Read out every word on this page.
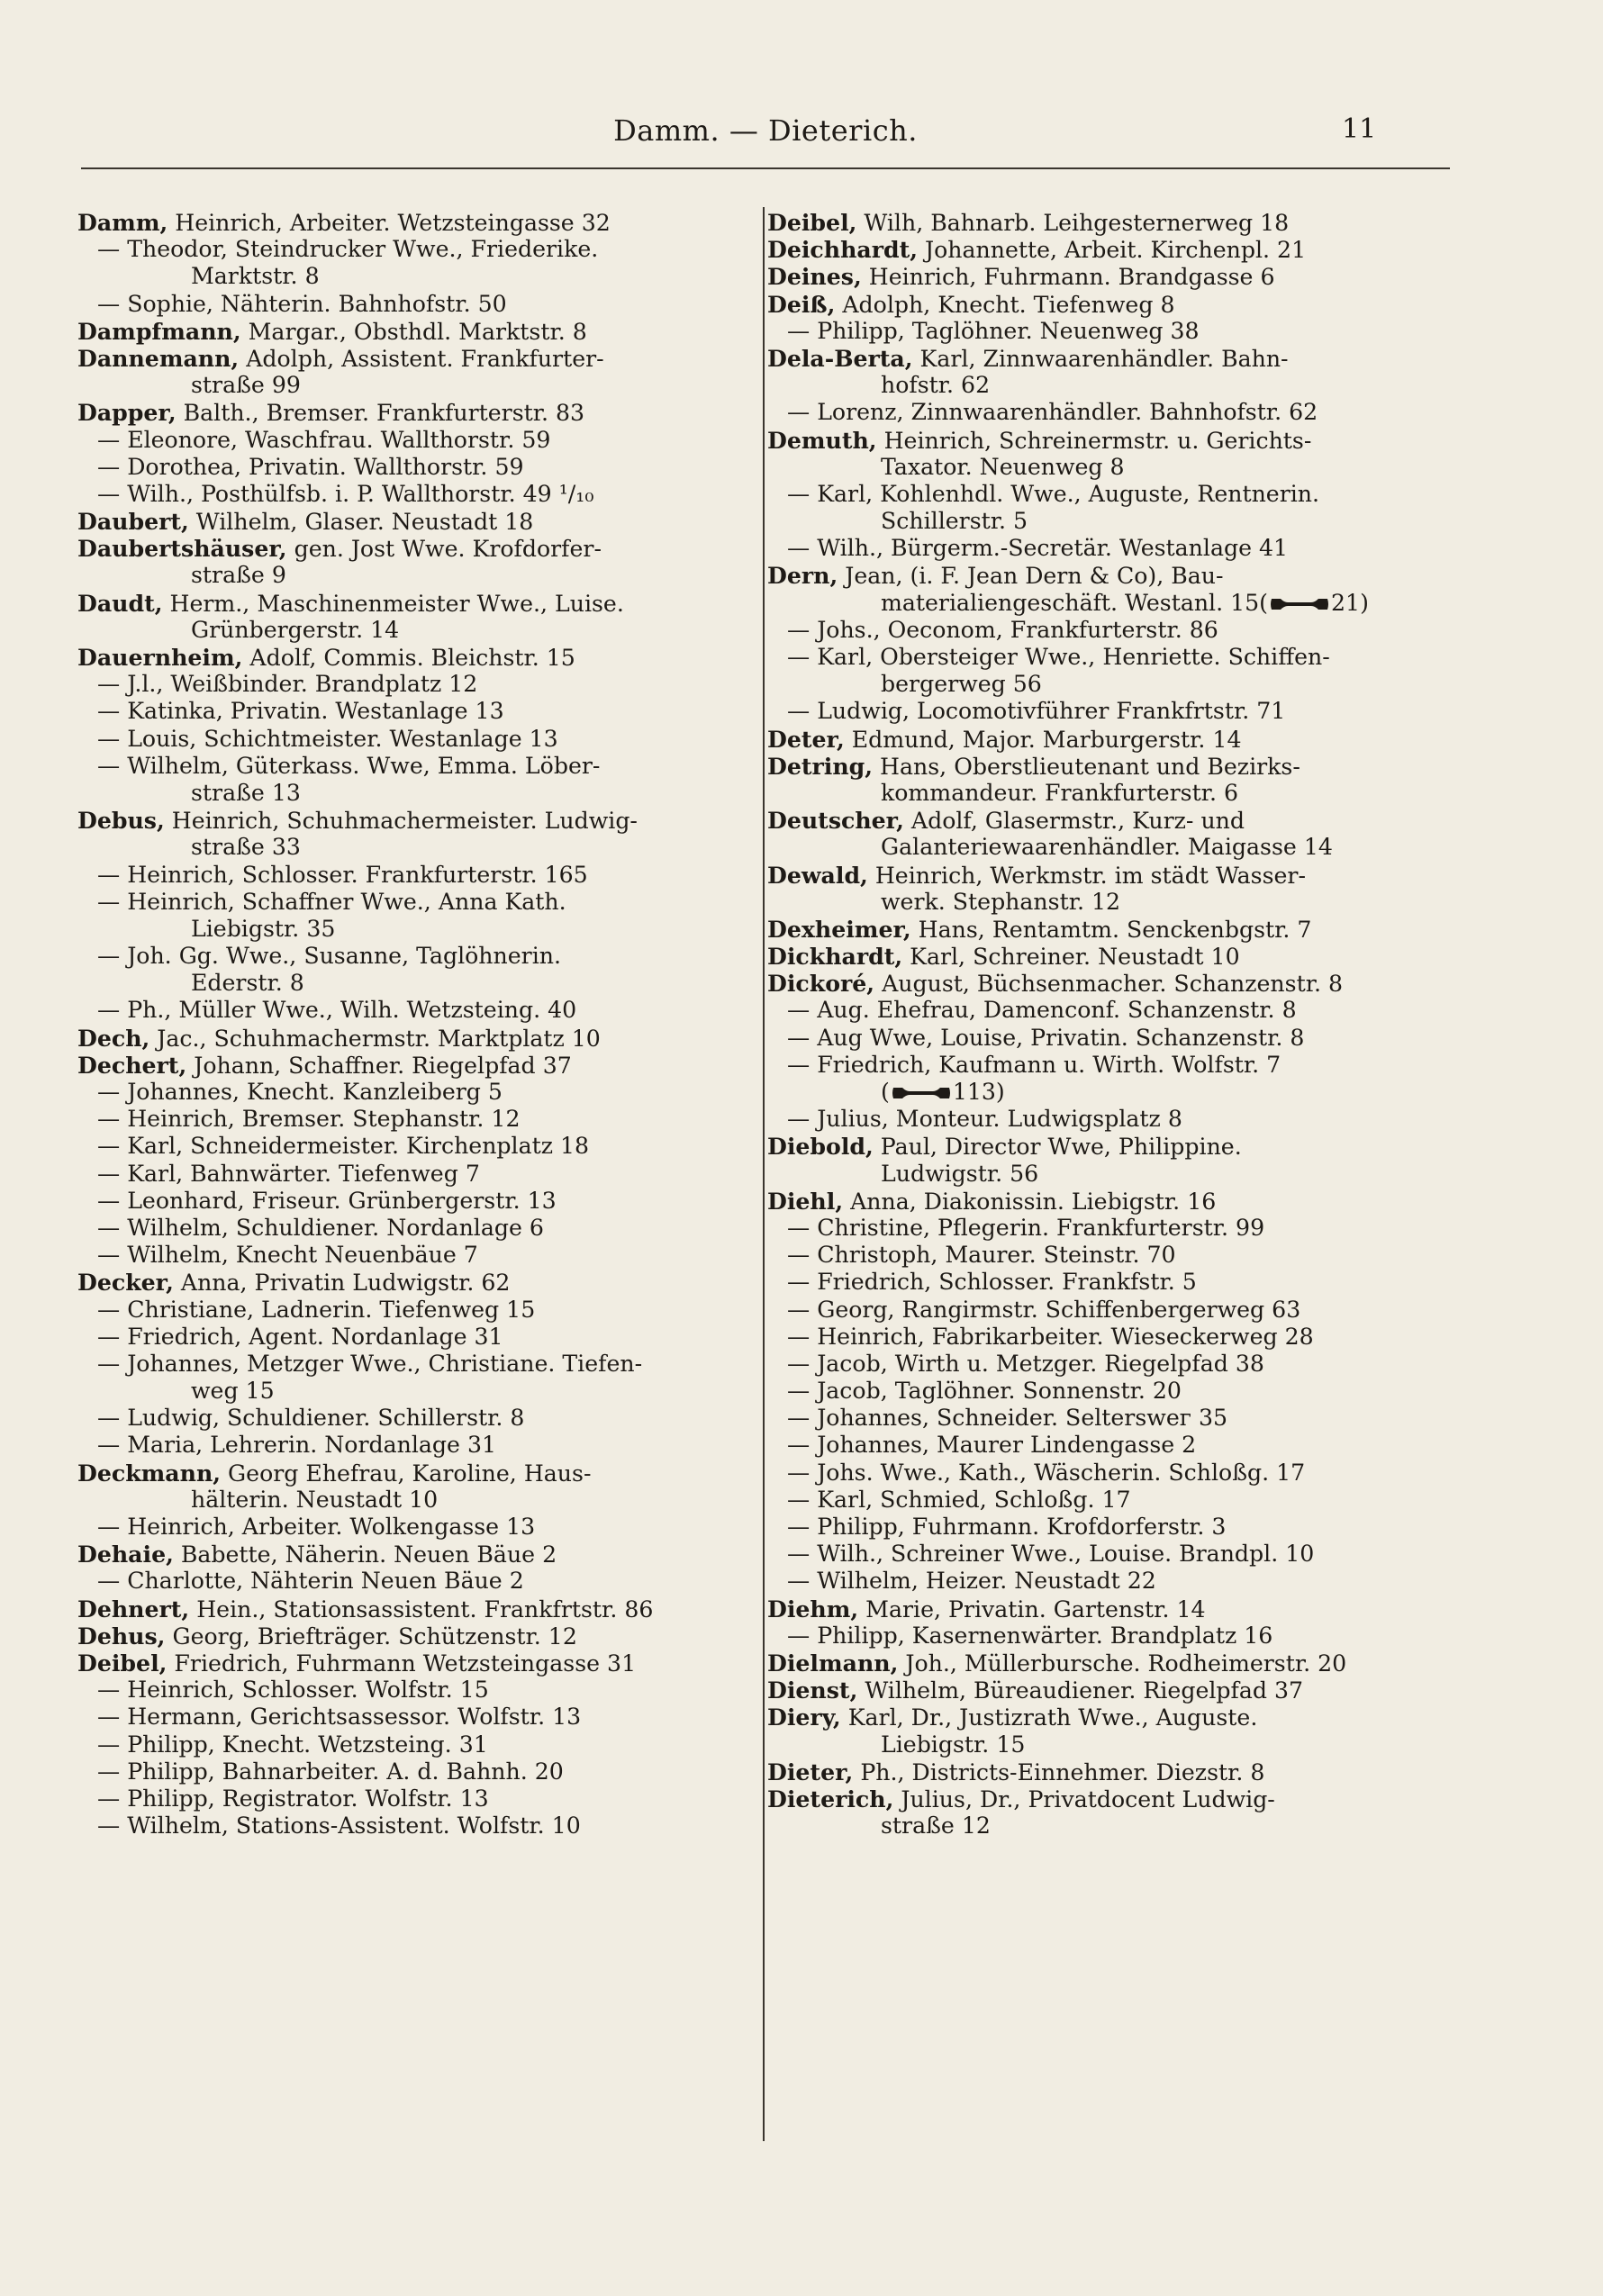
Damm. — Dieterich.	11
Damm, Heinrich, Arbeiter. Wetzsteingasse 32
— Theodor, Steindrucker Wwe., Friederike.
Marktstr. 8
— Sophie, Nähterin. Bahnhofstr. 50
Dampfmann, Margar., Obsthdl. Marktstr. 8
Dannemann, Adolph, Assistent. Frankfurter-
straße 99
Dapper, Balth., Bremser. Frankfurterstr. 83
— Eleonore, Waschfrau. Wallthorstr. 59
— Dorothea, Privatin. Wallthorstr. 59
— Wilh., Posthülfsb. i. P. Wallthorstr. 49 ¹/₁₀
Daubert, Wilhelm, Glaser. Neustadt 18
Daubertshäuser, gen. Jost Wwe. Krofdorfer-
straße 9
Daudt, Herm., Maschinenmeister Wwe., Luise.
Grünbergerstr. 14
Dauernheim, Adolf, Commis. Bleichstr. 15
— J.l., Weißbinder. Brandplatz 12
— Katinka, Privatin. Westanlage 13
— Louis, Schichtmeister. Westanlage 13
— Wilhelm, Güterkass. Wwe, Emma. Löber-
straße 13
Debus, Heinrich, Schuhmachermeister. Ludwig-
straße 33
— Heinrich, Schlosser. Frankfurterstr. 165
— Heinrich, Schaffner Wwe., Anna Kath.
Liebigstr. 35
— Joh. Gg. Wwe., Susanne, Taglöhnerin.
Ederstr. 8
— Ph., Müller Wwe., Wilh. Wetzsteing. 40
Dech, Jac., Schuhmachermstr. Marktplatz 10
Dechert, Johann, Schaffner. Riegelpfad 37
— Johannes, Knecht. Kanzleiberg 5
— Heinrich, Bremser. Stephanstr. 12
— Karl, Schneidermeister. Kirchenplatz 18
— Karl, Bahnwärter. Tiefenweg 7
— Leonhard, Friseur. Grünbergerstr. 13
— Wilhelm, Schuldiener. Nordanlage 6
— Wilhelm, Knecht Neuenbäue 7
Decker, Anna, Privatin Ludwigstr. 62
— Christiane, Ladnerin. Tiefenweg 15
— Friedrich, Agent. Nordanlage 31
— Johannes, Metzger Wwe., Christiane. Tiefen-
weg 15
— Ludwig, Schuldiener. Schillerstr. 8
— Maria, Lehrerin. Nordanlage 31
Deckmann, Georg Ehefrau, Karoline, Haus-
hälterin. Neustadt 10
— Heinrich, Arbeiter. Wolkengasse 13
Dehaie, Babette, Näherin. Neuen Bäue 2
— Charlotte, Nähterin Neuen Bäue 2
Dehnert, Hein., Stationsassistent. Frankfrtstr. 86
Dehus, Georg, Briefträger. Schützenstr. 12
Deibel, Friedrich, Fuhrmann Wetzsteingasse 31
— Heinrich, Schlosser. Wolfstr. 15
— Hermann, Gerichtsassessor. Wolfstr. 13
— Philipp, Knecht. Wetzsteing. 31
— Philipp, Bahnarbeiter. A. d. Bahnh. 20
— Philipp, Registrator. Wolfstr. 13
— Wilhelm, Stations-Assistent. Wolfstr. 10
Deibel, Wilh, Bahnarb. Leihgesternerweg 18
Deichhardt, Johannette, Arbeit. Kirchenpl. 21
Deines, Heinrich, Fuhrmann. Brandgasse 6
Deiß, Adolph, Knecht. Tiefenweg 8
— Philipp, Taglöhner. Neuenweg 38
Dela-Berta, Karl, Zinnwaarenhändler. Bahn-
hofstr. 62
— Lorenz, Zinnwaarenhändler. Bahnhofstr. 62
Demuth, Heinrich, Schreinermstr. u. Gerichts-
Taxator. Neuenweg 8
— Karl, Kohlenhdl. Wwe., Auguste, Rentnerin.
Schillerstr. 5
— Wilh., Bürgerm.-Secretär. Westanlage 41
Dern, Jean, (i. F. Jean Dern & Co), Bau-
materialiengeschäft. Westanl. 15(	21)
— Johs., Oeconom, Frankfurterstr. 86
— Karl, Obersteiger Wwe., Henriette. Schiffen-
bergerweg 56
— Ludwig, Locomotivführer Frankfrtstr. 71
Deter, Edmund, Major. Marburgerstr. 14
Detring, Hans, Oberstlieutenant und Bezirks-
kommandeur. Frankfurterstr. 6
Deutscher, Adolf, Glasermstr., Kurz- und
Galanteriewaarenhändler. Maigasse 14
Dewald, Heinrich, Werkmstr. im städt Wasser-
werk. Stephanstr. 12
Dexheimer, Hans, Rentamtm. Senckenbgstr. 7
Dickhardt, Karl, Schreiner. Neustadt 10
Dickoré, August, Büchsenmacher. Schanzenstr. 8
— Aug. Ehefrau, Damenconf. Schanzenstr. 8
— Aug Wwe, Louise, Privatin. Schanzenstr. 8
— Friedrich, Kaufmann u. Wirth. Wolfstr. 7
(	113)
— Julius, Monteur. Ludwigsplatz 8
Diebold, Paul, Director Wwe, Philippine.
Ludwigstr. 56
Diehl, Anna, Diakonissin. Liebigstr. 16
— Christine, Pflegerin. Frankfurterstr. 99
— Christoph, Maurer. Steinstr. 70
— Friedrich, Schlosser. Frankfstr. 5
— Georg, Rangirmstr. Schiffenbergerweg 63
— Heinrich, Fabrikarbeiter. Wieseckerweg 28
— Jacob, Wirth u. Metzger. Riegelpfad 38
— Jacob, Taglöhner. Sonnenstr. 20
— Johannes, Schneider. Selterswег 35
— Johannes, Maurer Lindengasse 2
— Johs. Wwe., Kath., Wäscherin. Schloßg. 17
— Karl, Schmied, Schloßg. 17
— Philipp, Fuhrmann. Krofdorferstr. 3
— Wilh., Schreiner Wwe., Louise. Brandpl. 10
— Wilhelm, Heizer. Neustadt 22
Diehm, Marie, Privatin. Gartenstr. 14
— Philipp, Kasernenwärter. Brandplatz 16
Dielmann, Joh., Müllerburschе. Rodheimerstr. 20
Dienst, Wilhelm, Büreaudiener. Riegelpfad 37
Diery, Karl, Dr., Justizrath Wwe., Auguste.
Liebigstr. 15
Dieter, Ph., Districts-Einnehmer. Diezstr. 8
Dieterich, Julius, Dr., Privatdocent Ludwig-
straße 12
